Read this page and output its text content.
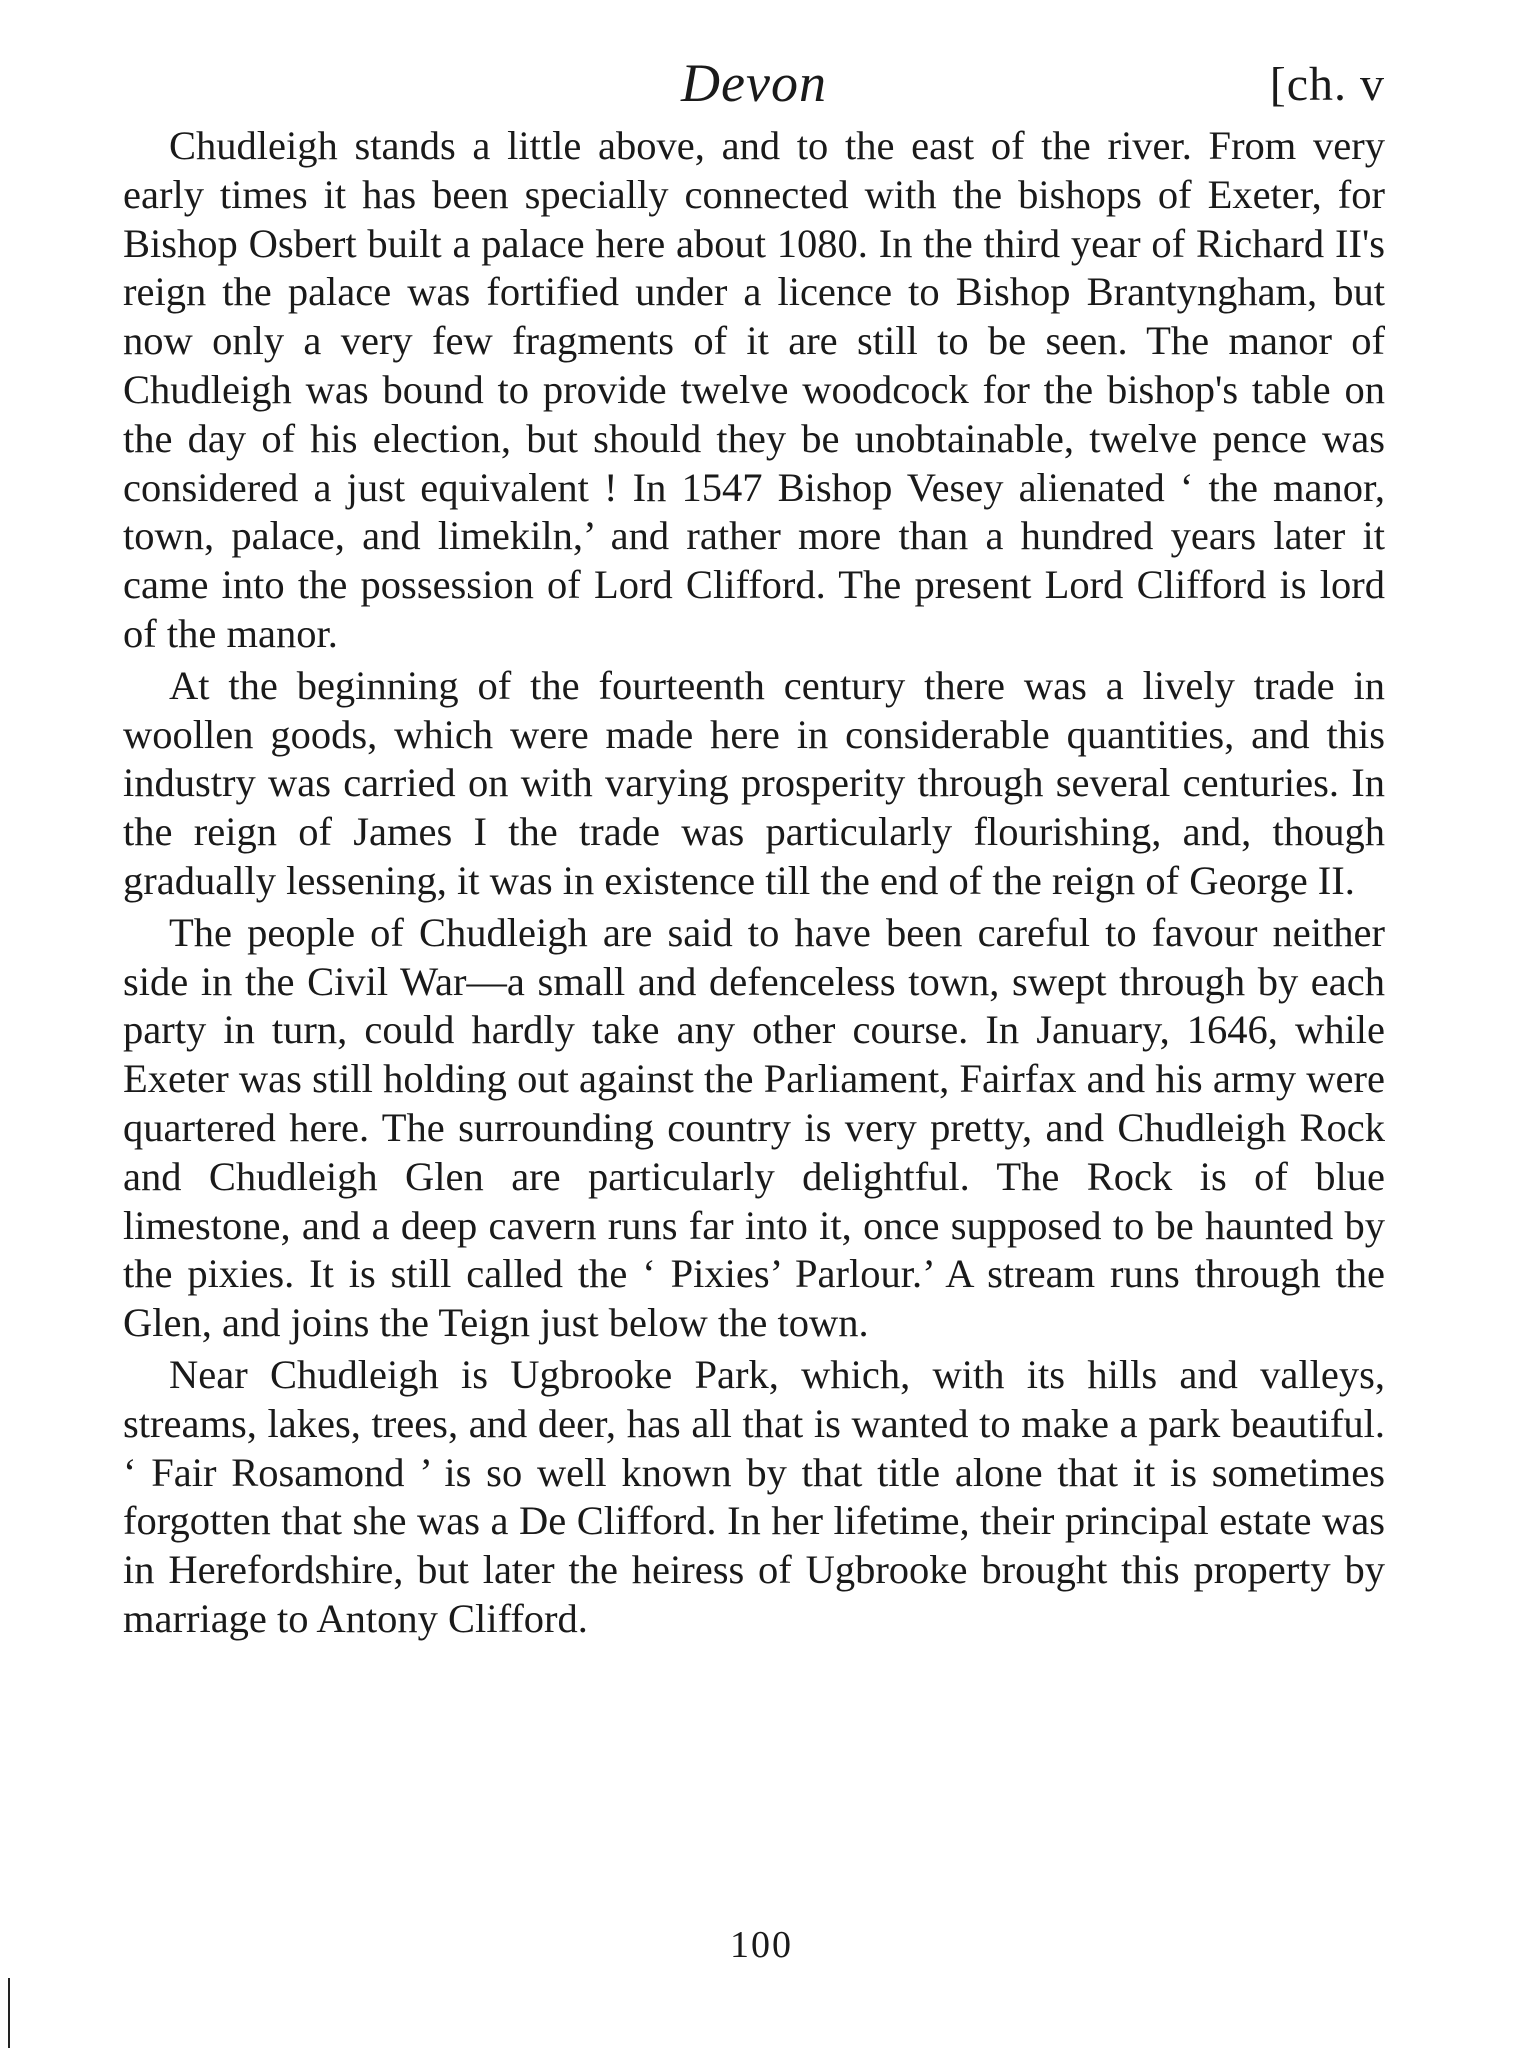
Devon	[ch. v

Chudleigh stands a little above, and to the east of the river. From very early times it has been specially connected with the bishops of Exeter, for Bishop Osbert built a palace here about 1080. In the third year of Richard II's reign the palace was fortified under a licence to Bishop Brantyngham, but now only a very few fragments of it are still to be seen. The manor of Chudleigh was bound to provide twelve woodcock for the bishop's table on the day of his election, but should they be unobtainable, twelve pence was considered a just equivalent ! In 1547 Bishop Vesey alienated ‘ the manor, town, palace, and limekiln,’ and rather more than a hundred years later it came into the possession of Lord Clifford. The present Lord Clifford is lord of the manor.

At the beginning of the fourteenth century there was a lively trade in woollen goods, which were made here in considerable quantities, and this industry was carried on with varying prosperity through several centuries. In the reign of James I the trade was particularly flourishing, and, though gradually lessening, it was in existence till the end of the reign of George II.

The people of Chudleigh are said to have been careful to favour neither side in the Civil War—a small and defenceless town, swept through by each party in turn, could hardly take any other course. In January, 1646, while Exeter was still holding out against the Parliament, Fairfax and his army were quartered here. The surrounding country is very pretty, and Chudleigh Rock and Chudleigh Glen are particularly delightful. The Rock is of blue limestone, and a deep cavern runs far into it, once supposed to be haunted by the pixies. It is still called the ‘ Pixies’ Parlour.’ A stream runs through the Glen, and joins the Teign just below the town.

Near Chudleigh is Ugbrooke Park, which, with its hills and valleys, streams, lakes, trees, and deer, has all that is wanted to make a park beautiful. ‘ Fair Rosamond ’ is so well known by that title alone that it is sometimes forgotten that she was a De Clifford. In her lifetime, their principal estate was in Herefordshire, but later the heiress of Ugbrooke brought this property by marriage to Antony Clifford.

100
